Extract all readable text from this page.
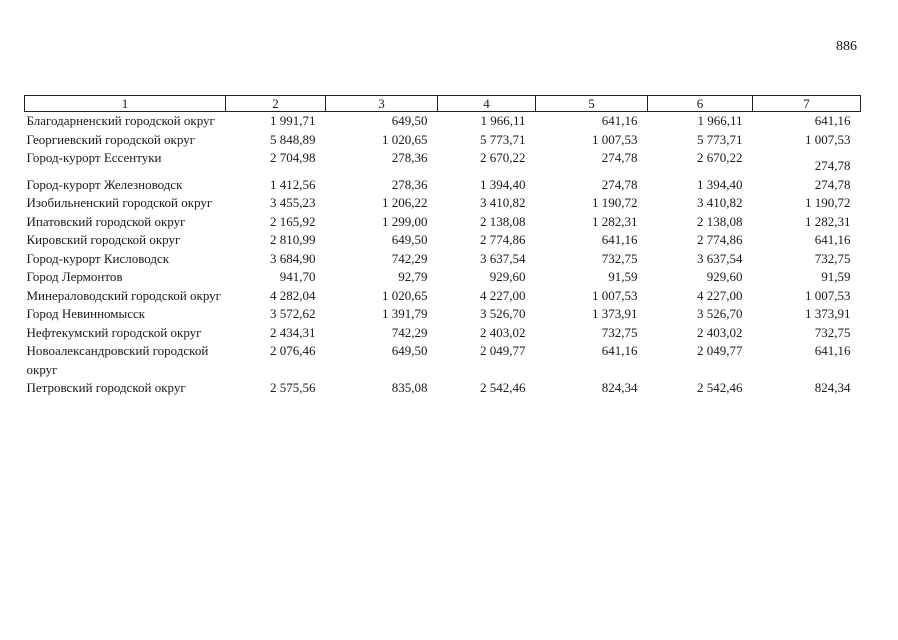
886
1	2	3	4	5	6	7
Благодарненский городской округ	1 991,71	649,50	1 966,11	641,16	1 966,11	641,16
Георгиевский городской округ	5 848,89	1 020,65	5 773,71	1 007,53	5 773,71	1 007,53
Город-курорт Ессентуки	2 704,98	278,36	2 670,22	274,78	2 670,22	274,78
Город-курорт Железноводск	1 412,56	278,36	1 394,40	274,78	1 394,40	274,78
Изобильненский городской округ	3 455,23	1 206,22	3 410,82	1 190,72	3 410,82	1 190,72
Ипатовский городской округ	2 165,92	1 299,00	2 138,08	1 282,31	2 138,08	1 282,31
Кировский городской округ	2 810,99	649,50	2 774,86	641,16	2 774,86	641,16
Город-курорт Кисловодск	3 684,90	742,29	3 637,54	732,75	3 637,54	732,75
Город Лермонтов	941,70	92,79	929,60	91,59	929,60	91,59
Минераловодский городской округ	4 282,04	1 020,65	4 227,00	1 007,53	4 227,00	1 007,53
Город Невинномысск	3 572,62	1 391,79	3 526,70	1 373,91	3 526,70	1 373,91
Нефтекумский городской округ	2 434,31	742,29	2 403,02	732,75	2 403,02	732,75
Новоалександровский городской округ	2 076,46	649,50	2 049,77	641,16	2 049,77	641,16
Петровский городской округ	2 575,56	835,08	2 542,46	824,34	2 542,46	824,34
